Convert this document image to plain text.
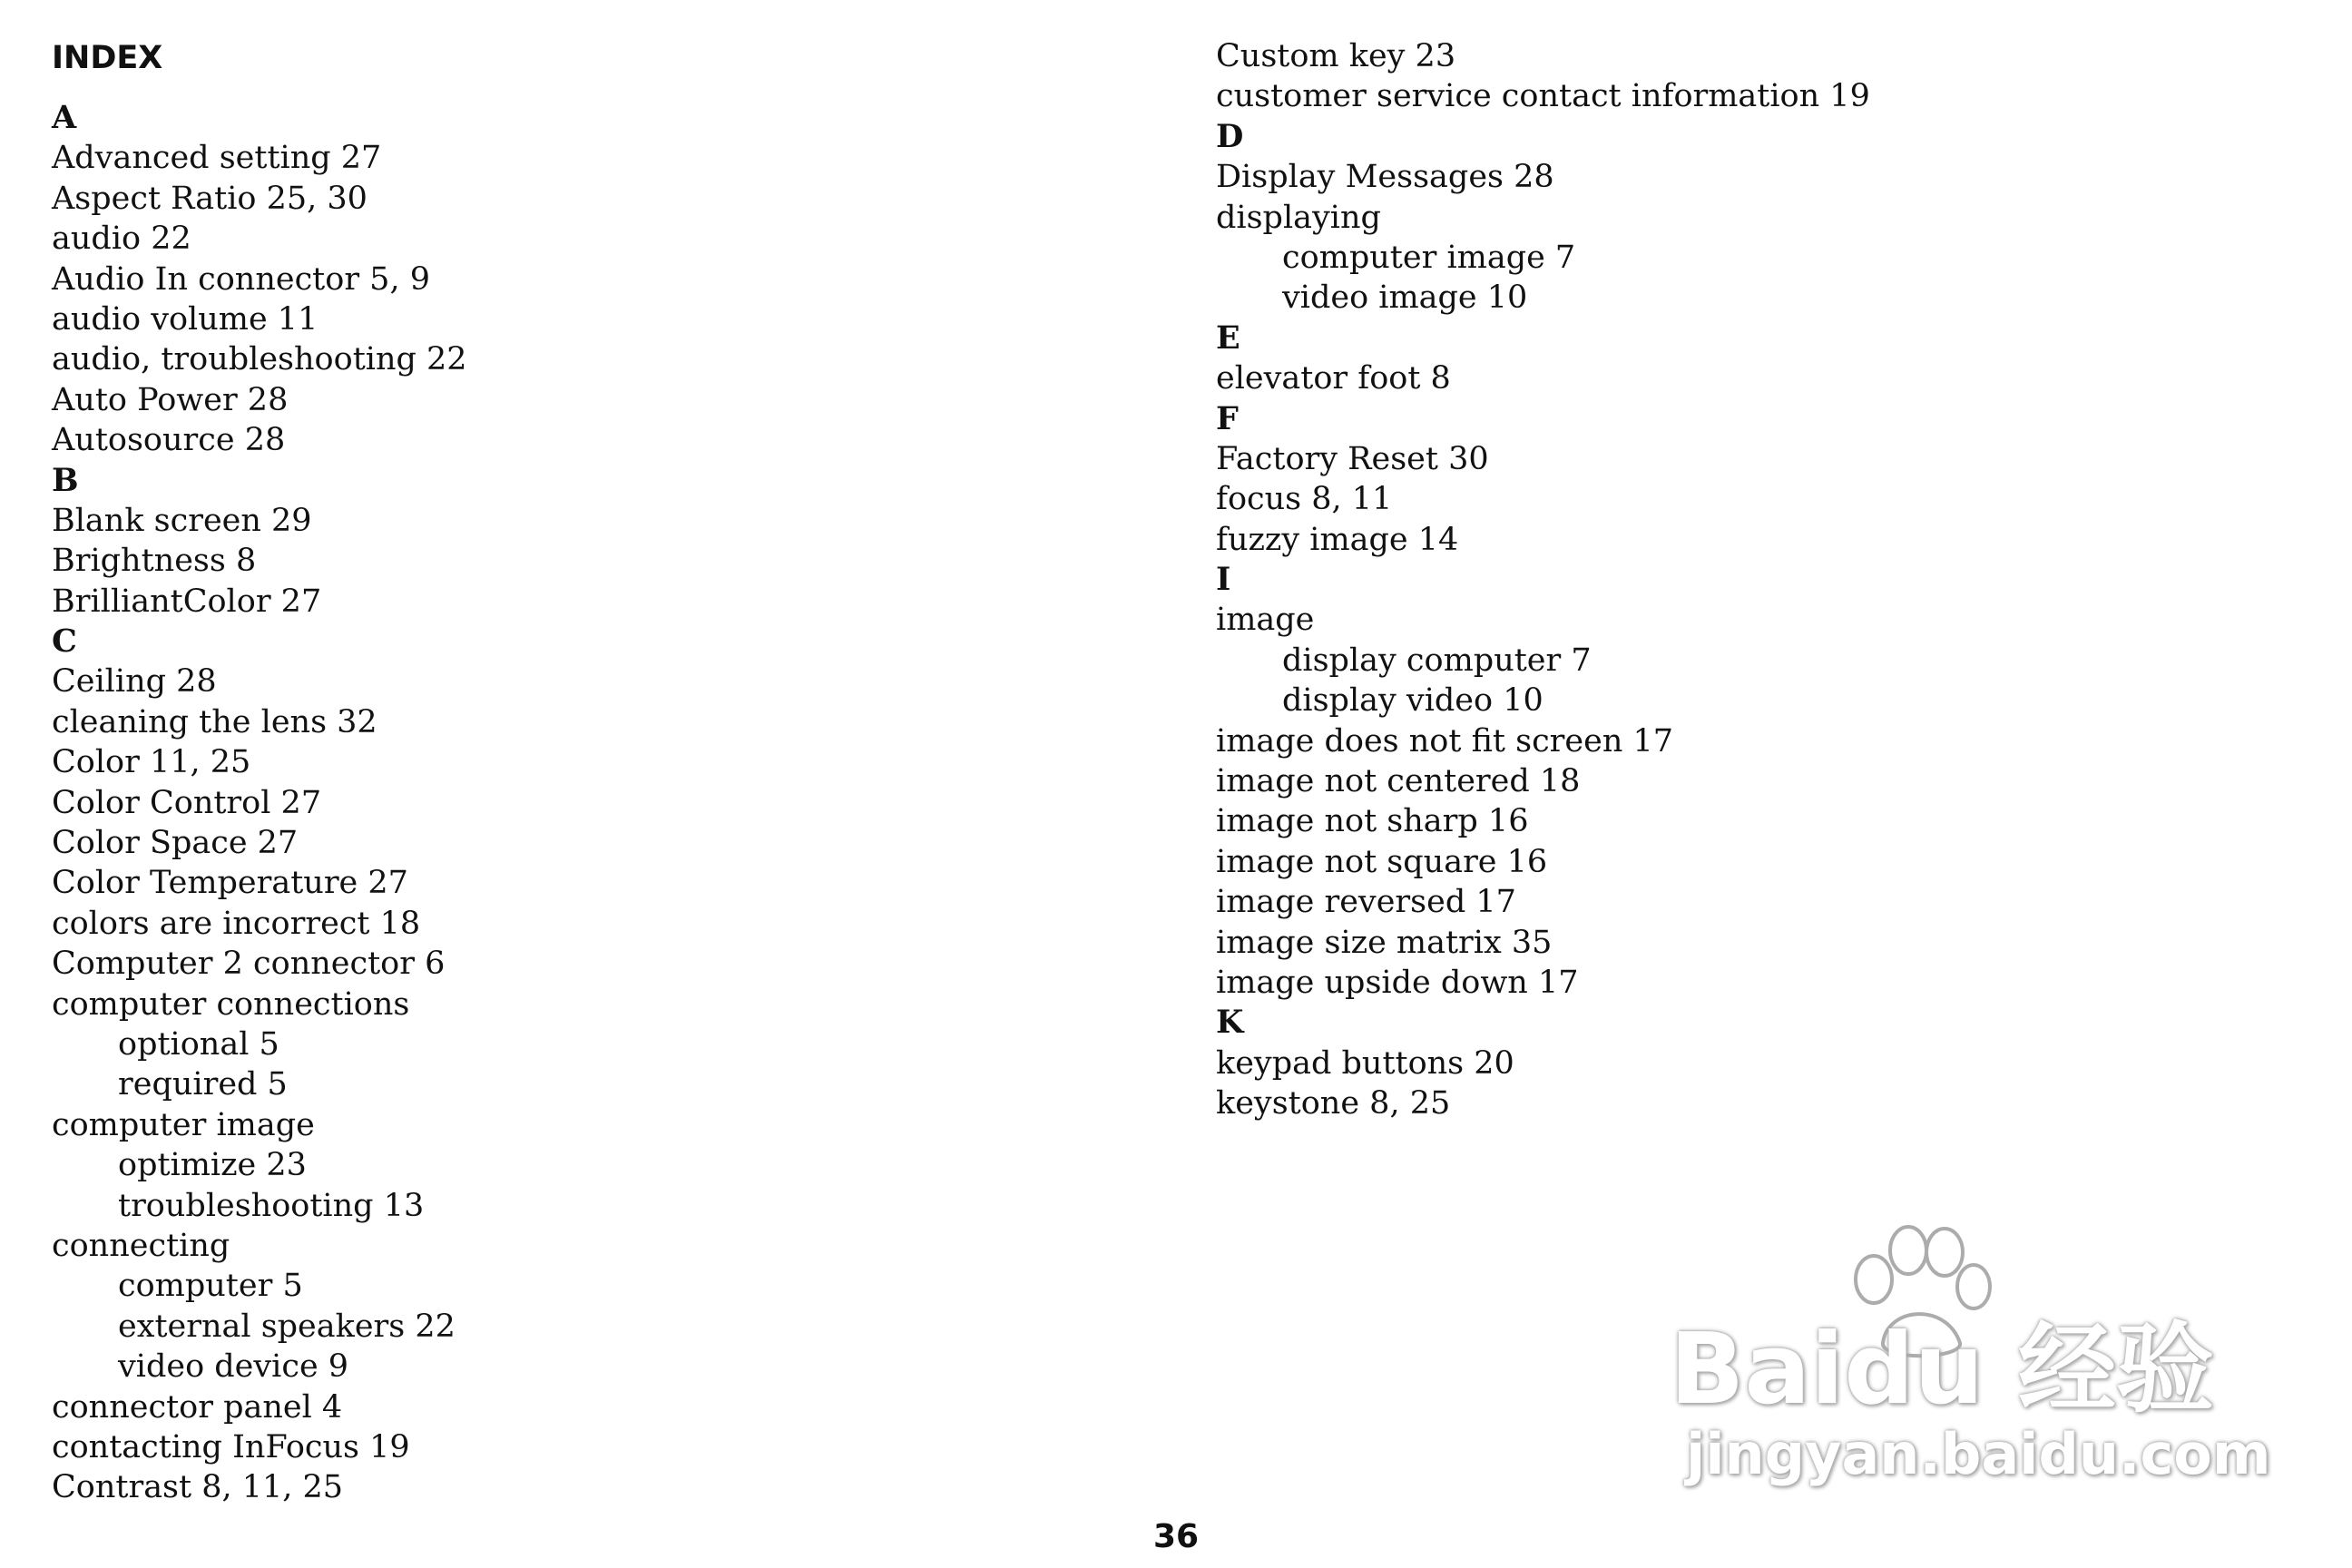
INDEX
A
Advanced setting 27
Aspect Ratio 25, 30
audio 22
Audio In connector 5, 9
audio volume 11
audio, troubleshooting 22
Auto Power 28
Autosource 28
B
Blank screen 29
Brightness 8
BrilliantColor 27
C
Ceiling 28
cleaning the lens 32
Color 11, 25
Color Control 27
Color Space 27
Color Temperature 27
colors are incorrect 18
Computer 2 connector 6
computer connections
optional 5
required 5
computer image
optimize 23
troubleshooting 13
connecting
computer 5
external speakers 22
video device 9
connector panel 4
contacting InFocus 19
Contrast 8, 11, 25
Custom key 23
customer service contact information 19
D
Display Messages 28
displaying
computer image 7
video image 10
E
elevator foot 8
F
Factory Reset 30
focus 8, 11
fuzzy image 14
I
image
display computer 7
display video 10
image does not fit screen 17
image not centered 18
image not sharp 16
image not square 16
image reversed 17
image size matrix 35
image upside down 17
K
keypad buttons 20
keystone 8, 25
36
Baidu 经验
jingyan.baidu.com
